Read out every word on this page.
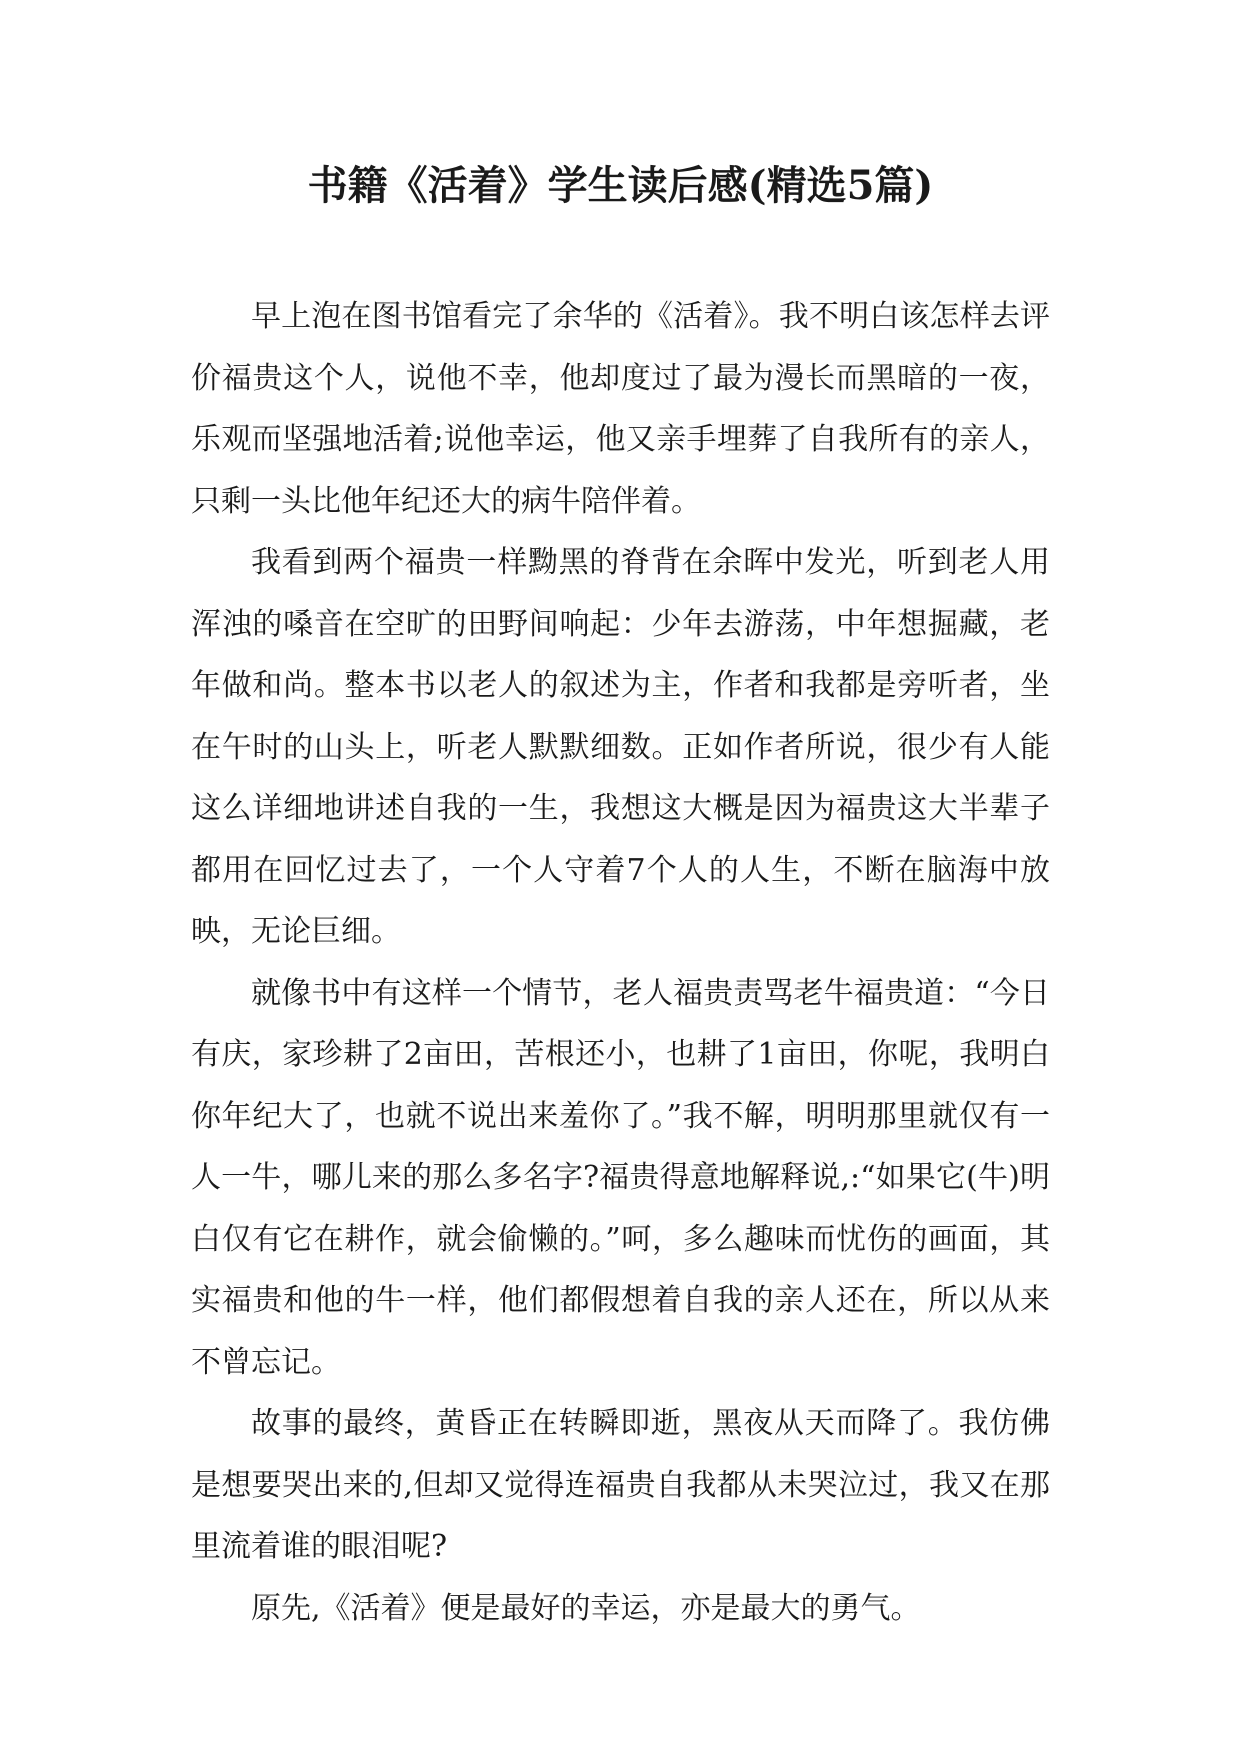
书籍《活着》学生读后感(精选5篇)

早上泡在图书馆看完了余华的《活着》。我不明白该怎样去评价福贵这个人，说他不幸，他却度过了最为漫长而黑暗的一夜，乐观而坚强地活着;说他幸运，他又亲手埋葬了自我所有的亲人，只剩一头比他年纪还大的病牛陪伴着。

我看到两个福贵一样黝黑的脊背在余晖中发光，听到老人用浑浊的嗓音在空旷的田野间响起：少年去游荡，中年想掘藏，老年做和尚。整本书以老人的叙述为主，作者和我都是旁听者，坐在午时的山头上，听老人默默细数。正如作者所说，很少有人能这么详细地讲述自我的一生，我想这大概是因为福贵这大半辈子都用在回忆过去了，一个人守着7个人的人生，不断在脑海中放映，无论巨细。

就像书中有这样一个情节，老人福贵责骂老牛福贵道：“今日有庆，家珍耕了2亩田，苦根还小，也耕了1亩田，你呢，我明白你年纪大了，也就不说出来羞你了。”我不解，明明那里就仅有一人一牛，哪儿来的那么多名字?福贵得意地解释说,:“如果它(牛)明白仅有它在耕作，就会偷懒的。”呵，多么趣味而忧伤的画面，其实福贵和他的牛一样，他们都假想着自我的亲人还在，所以从来不曾忘记。

故事的最终，黄昏正在转瞬即逝，黑夜从天而降了。我仿佛是想要哭出来的,但却又觉得连福贵自我都从未哭泣过，我又在那里流着谁的眼泪呢?

原先,《活着》便是最好的幸运，亦是最大的勇气。
